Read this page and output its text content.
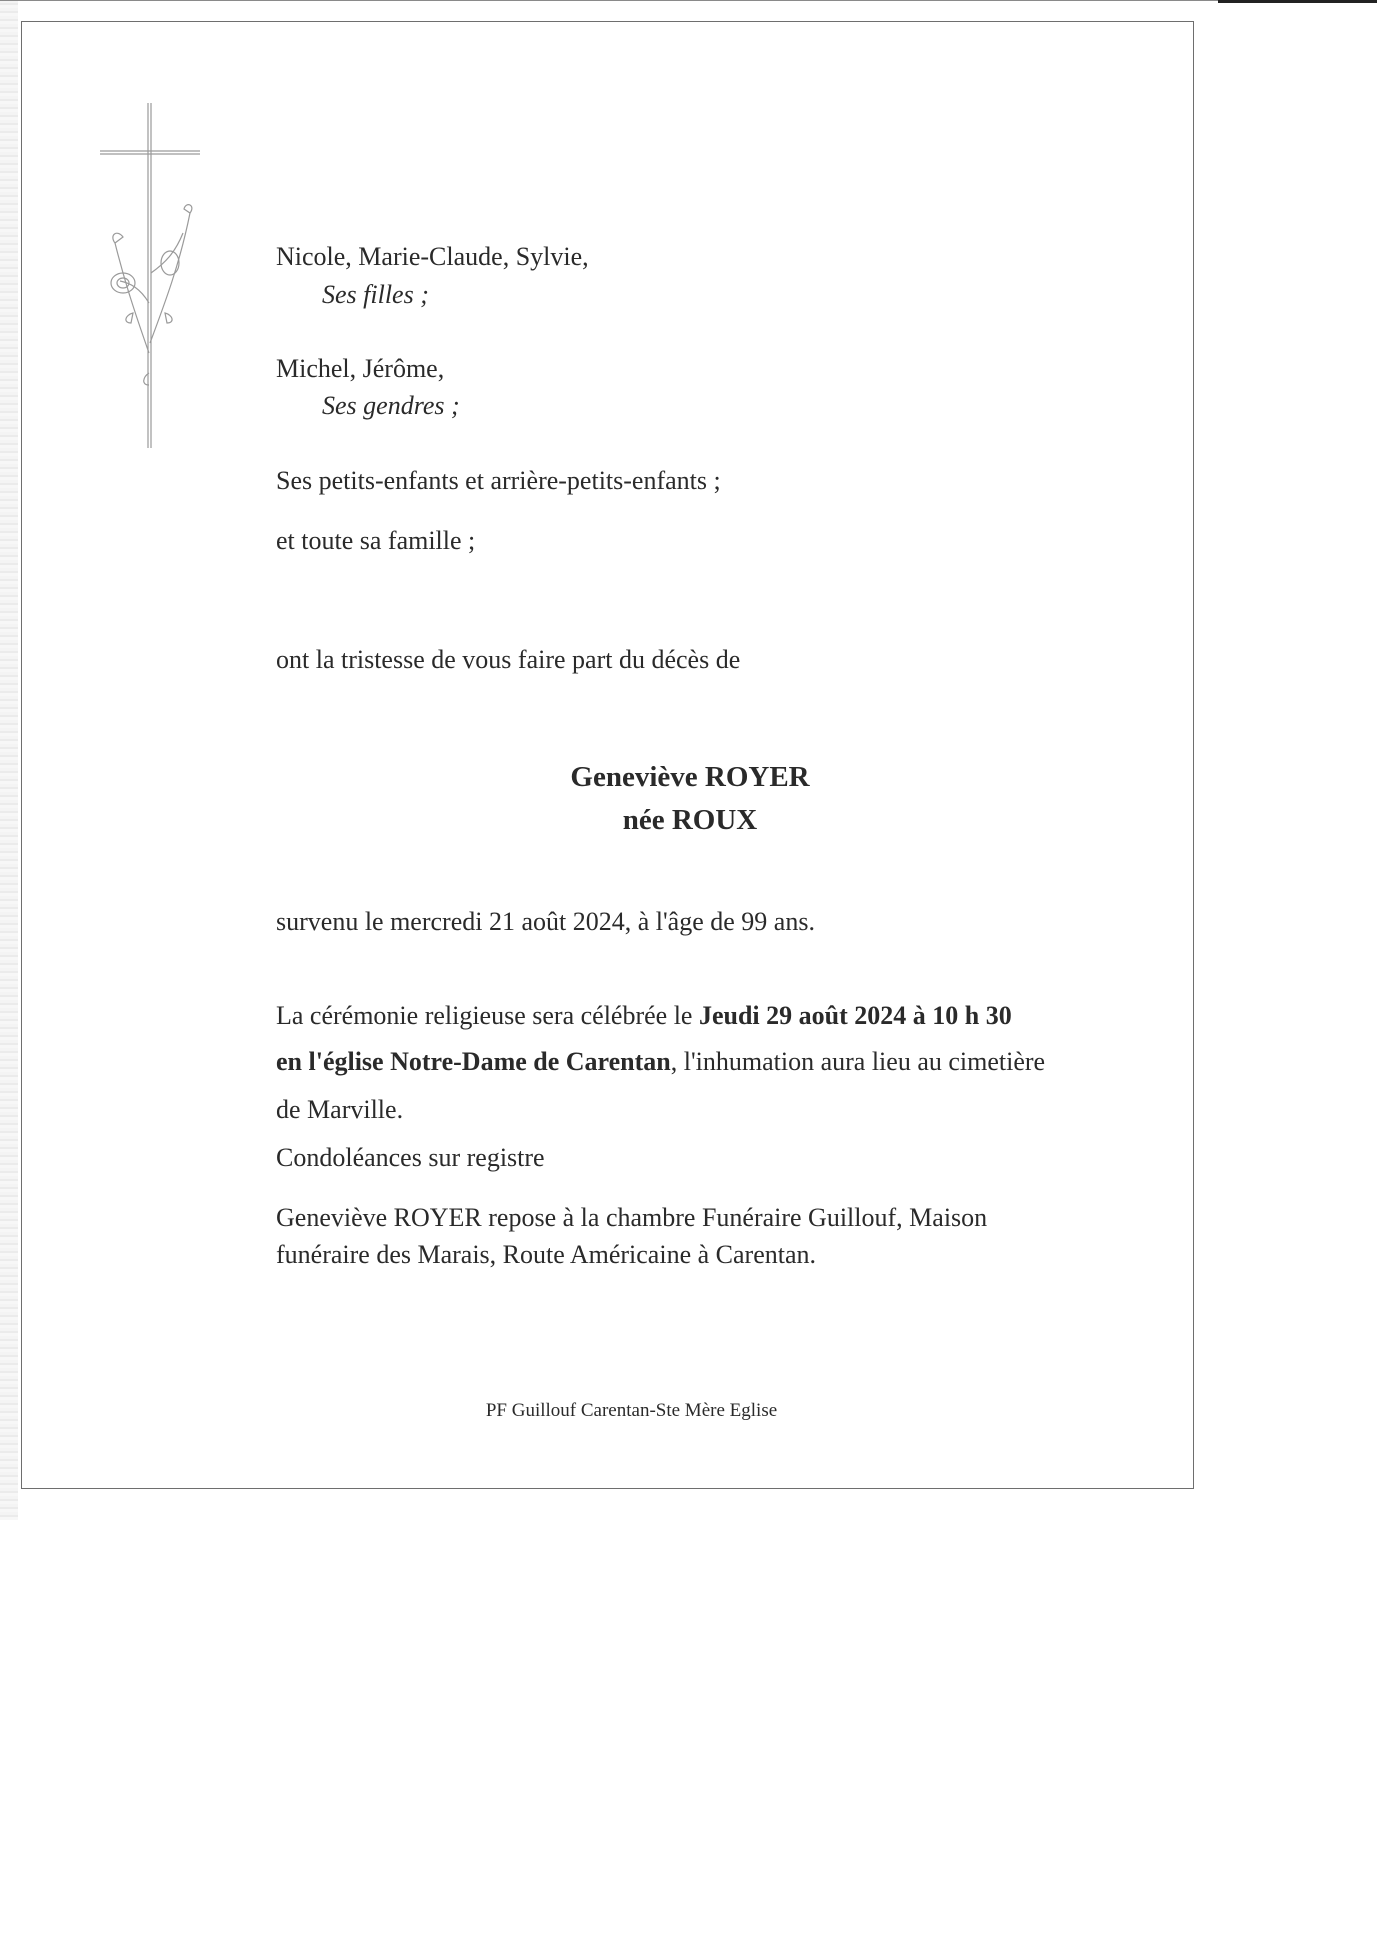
Nicole, Marie-Claude, Sylvie,

Ses filles ;

Michel, Jérôme,

Ses gendres ;

Ses petits-enfants et arrière-petits-enfants ;

et toute sa famille ;

ont la tristesse de vous faire part du décès de

Geneviève ROYER
née ROUX

survenu le mercredi 21 août 2024, à l'âge de 99 ans.

La cérémonie religieuse sera célébrée le Jeudi 29 août 2024 à 10 h 30

en l'église Notre-Dame de Carentan, l'inhumation aura lieu au cimetière

de Marville.

Condoléances sur registre

Geneviève ROYER repose à la chambre Funéraire Guillouf, Maison

funéraire des Marais, Route Américaine à Carentan.

PF Guillouf Carentan-Ste Mère Eglise
